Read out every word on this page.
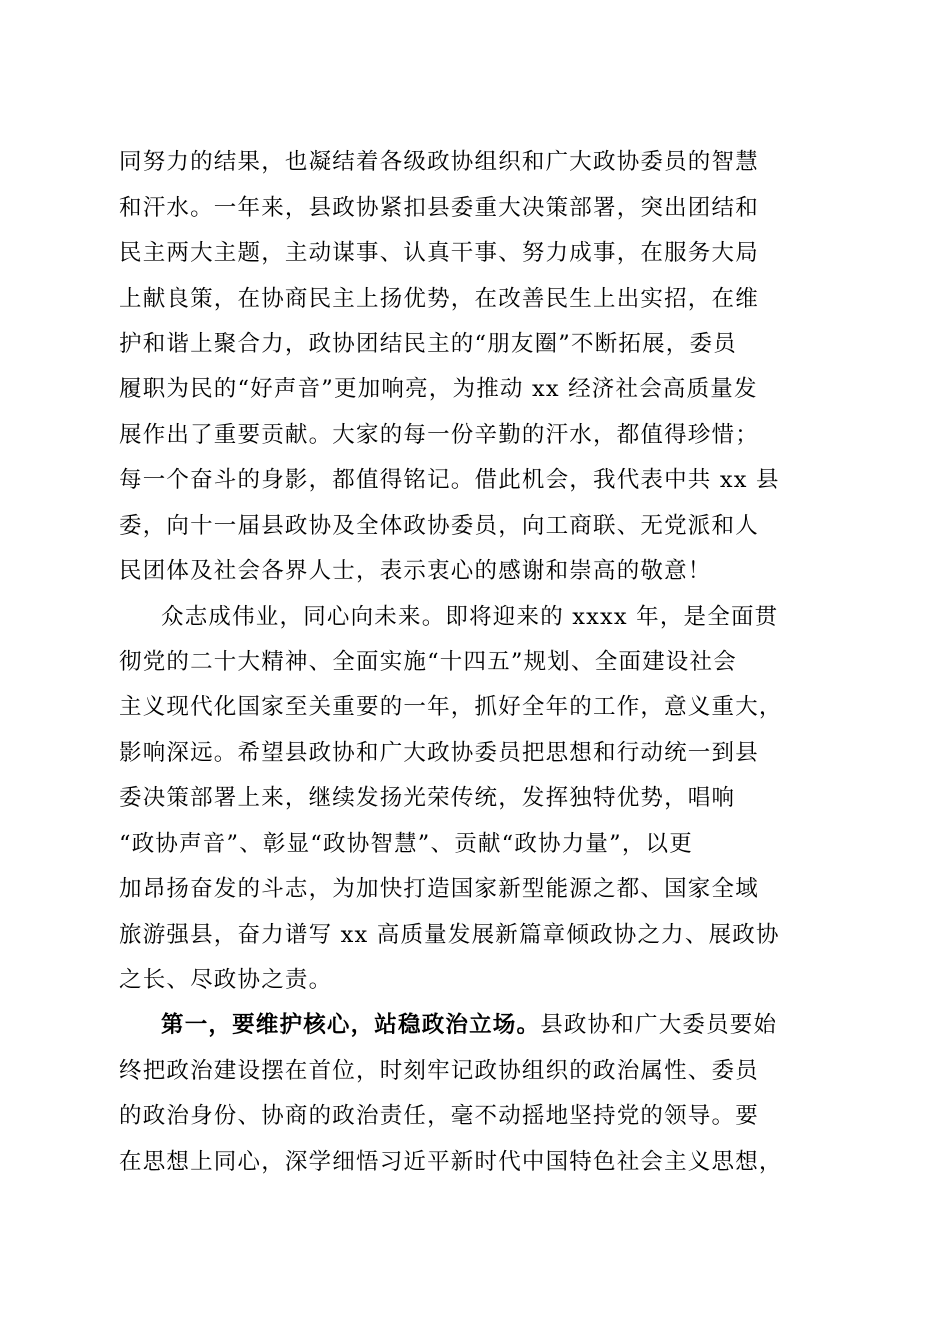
同努力的结果，也凝结着各级政协组织和广大政协委员的智慧
和汗水。一年来，县政协紧扣县委重大决策部署，突出团结和
民主两大主题，主动谋事、认真干事、努力成事，在服务大局
上献良策，在协商民主上扬优势，在改善民生上出实招，在维
护和谐上聚合力，政协团结民主的“朋友圈”不断拓展，委员
履职为民的“好声音”更加响亮，为推动 xx 经济社会高质量发
展作出了重要贡献。大家的每一份辛勤的汗水，都值得珍惜；
每一个奋斗的身影，都值得铭记。借此机会，我代表中共 xx 县
委，向十一届县政协及全体政协委员，向工商联、无党派和人
民团体及社会各界人士，表示衷心的感谢和崇高的敬意！
众志成伟业，同心向未来。即将迎来的 xxxx 年，是全面贯
彻党的二十大精神、全面实施“十四五”规划、全面建设社会
主义现代化国家至关重要的一年，抓好全年的工作，意义重大，
影响深远。希望县政协和广大政协委员把思想和行动统一到县
委决策部署上来，继续发扬光荣传统，发挥独特优势，唱响
“政协声音”、彰显“政协智慧”、贡献“政协力量”，以更
加昂扬奋发的斗志，为加快打造国家新型能源之都、国家全域
旅游强县，奋力谱写 xx 高质量发展新篇章倾政协之力、展政协
之长、尽政协之责。
第一，要维护核心，站稳政治立场。县政协和广大委员要始
终把政治建设摆在首位，时刻牢记政协组织的政治属性、委员
的政治身份、协商的政治责任，毫不动摇地坚持党的领导。要
在思想上同心，深学细悟习近平新时代中国特色社会主义思想，
